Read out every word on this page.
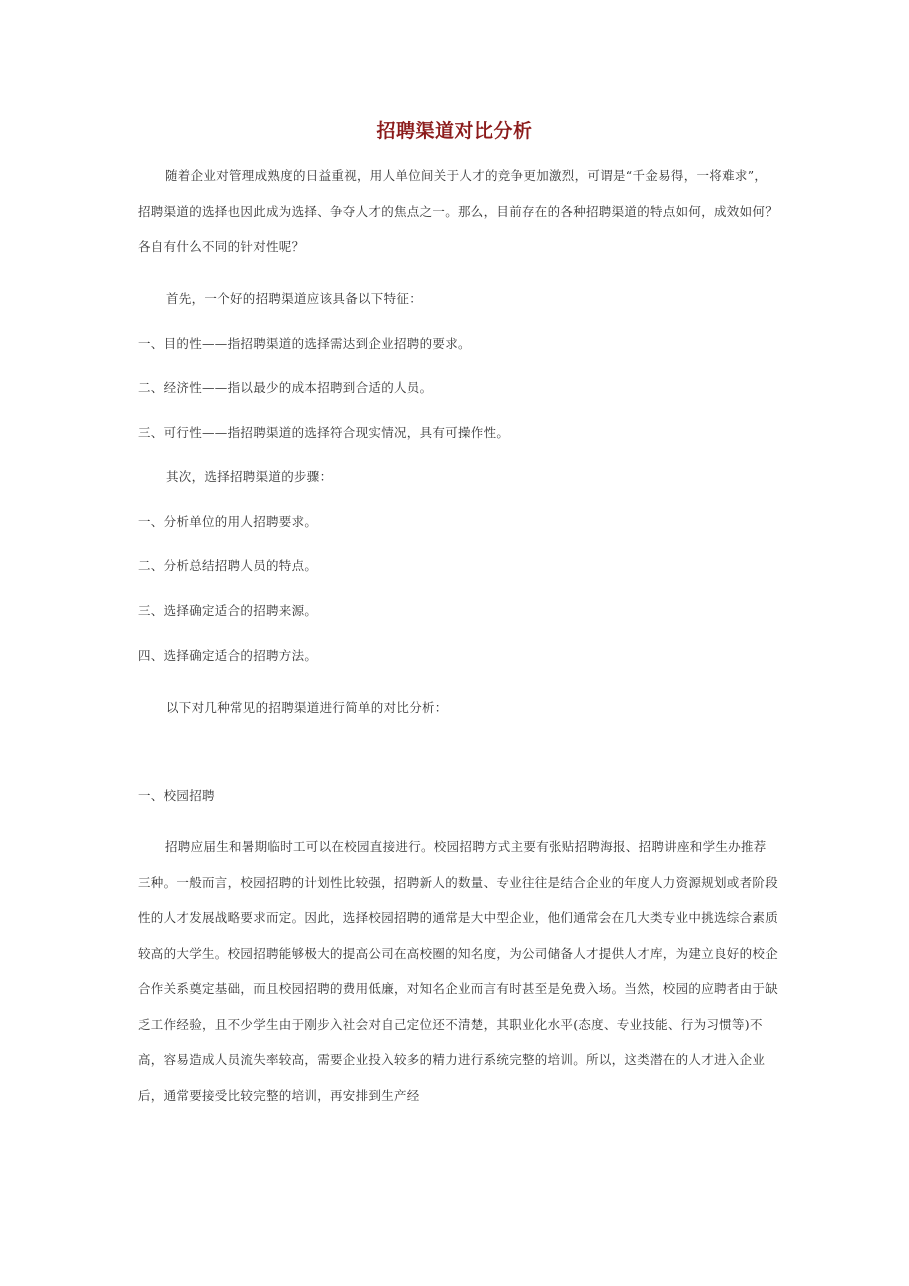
招聘渠道对比分析

随着企业对管理成熟度的日益重视，用人单位间关于人才的竞争更加激烈，可谓是“千金易得，一将难求”，招聘渠道的选择也因此成为选择、争夺人才的焦点之一。那么，目前存在的各种招聘渠道的特点如何，成效如何？各自有什么不同的针对性呢？

首先，一个好的招聘渠道应该具备以下特征：
一、目的性——指招聘渠道的选择需达到企业招聘的要求。
二、经济性——指以最少的成本招聘到合适的人员。
三、可行性——指招聘渠道的选择符合现实情况，具有可操作性。
其次，选择招聘渠道的步骤：
一、分析单位的用人招聘要求。
二、分析总结招聘人员的特点。
三、选择确定适合的招聘来源。
四、选择确定适合的招聘方法。
以下对几种常见的招聘渠道进行简单的对比分析：
一、校园招聘

招聘应届生和暑期临时工可以在校园直接进行。校园招聘方式主要有张贴招聘海报、招聘讲座和学生办推荐三种。一般而言，校园招聘的计划性比较强，招聘新人的数量、专业往往是结合企业的年度人力资源规划或者阶段性的人才发展战略要求而定。因此，选择校园招聘的通常是大中型企业，他们通常会在几大类专业中挑选综合素质较高的大学生。校园招聘能够极大的提高公司在高校圈的知名度，为公司储备人才提供人才库，为建立良好的校企合作关系奠定基础，而且校园招聘的费用低廉，对知名企业而言有时甚至是免费入场。当然，校园的应聘者由于缺乏工作经验，且不少学生由于刚步入社会对自己定位还不清楚，其职业化水平(态度、专业技能、行为习惯等)不高，容易造成人员流失率较高，需要企业投入较多的精力进行系统完整的培训。所以，这类潜在的人才进入企业后，通常要接受比较完整的培训，再安排到生产经
